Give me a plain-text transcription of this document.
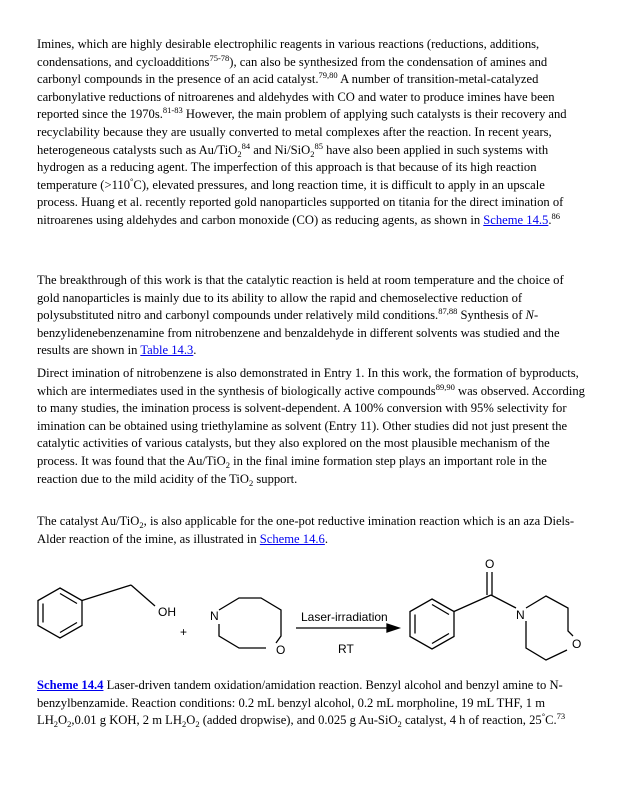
Imines, which are highly desirable electrophilic reagents in various reactions (reductions, additions, condensations, and cycloadditions$^{75-78}$), can also be synthesized from the condensation of amines and carbonyl compounds in the presence of an acid catalyst.$^{79,80}$ A number of transition-metal-catalyzed carbonylative reductions of nitroarenes and aldehydes with CO and water to produce imines have been reported since the 1970s.$^{81-83}$ However, the main problem of applying such catalysts is their recovery and recyclability because they are usually converted to metal complexes after the reaction. In recent years, heterogeneous catalysts such as Au/TiO$_2^{84}$ and Ni/SiO$_2^{85}$ have also been applied in such systems with hydrogen as a reducing agent. The imperfection of this approach is that because of its high reaction temperature (>110°C), elevated pressures, and long reaction time, it is difficult to apply in an upscale process. Huang et al. recently reported gold nanoparticles supported on titania for the direct imination of nitroarenes using aldehydes and carbon monoxide (CO) as reducing agents, as shown in Scheme 14.5.86

The breakthrough of this work is that the catalytic reaction is held at room temperature and the choice of gold nanoparticles is mainly due to its ability to allow the rapid and chemoselective reduction of polysubstituted nitro and carbonyl compounds under relatively mild conditions.$^{87,88}$ Synthesis of N-benzylidenebenzenamine from nitrobenzene and benzaldehyde in different solvents was studied and the results are shown in Table 14.3.

Direct imination of nitrobenzene is also demonstrated in Entry 1. In this work, the formation of byproducts, which are intermediates used in the synthesis of biologically active compounds$^{89,90}$ was observed. According to many studies, the imination process is solvent-dependent. A 100% conversion with 95% selectivity for imination can be obtained using triethylamine as solvent (Entry 11). Other studies did not just present the catalytic activities of various catalysts, but they also explored on the most plausible mechanism of the process. It was found that the Au/TiO$_2$ in the final imine formation step plays an important role in the reaction due to the mild acidity of the TiO$_2$ support.

The catalyst Au/TiO$_2$, is also applicable for the one-pot reductive imination reaction which is an aza Diels-Alder reaction of the imine, as illustrated in Scheme 14.6.

OH
+
N
O
Laser-irradiation
RT
O
N
O

Scheme 14.4 Laser-driven tandem oxidation/amidation reaction. Benzyl alcohol and benzyl amine to N-benzylbenzamide. Reaction conditions: 0.2 mL benzyl alcohol, 0.2 mL morpholine, 19 mL THF, 1 m $LH_2O_2,0.01$ g KOH, 2 m $LH_2O_2$ (added dropwise), and 0.025 g Au-SiO$_2$ catalyst, 4 h of reaction, 25°C.$^{73}$
